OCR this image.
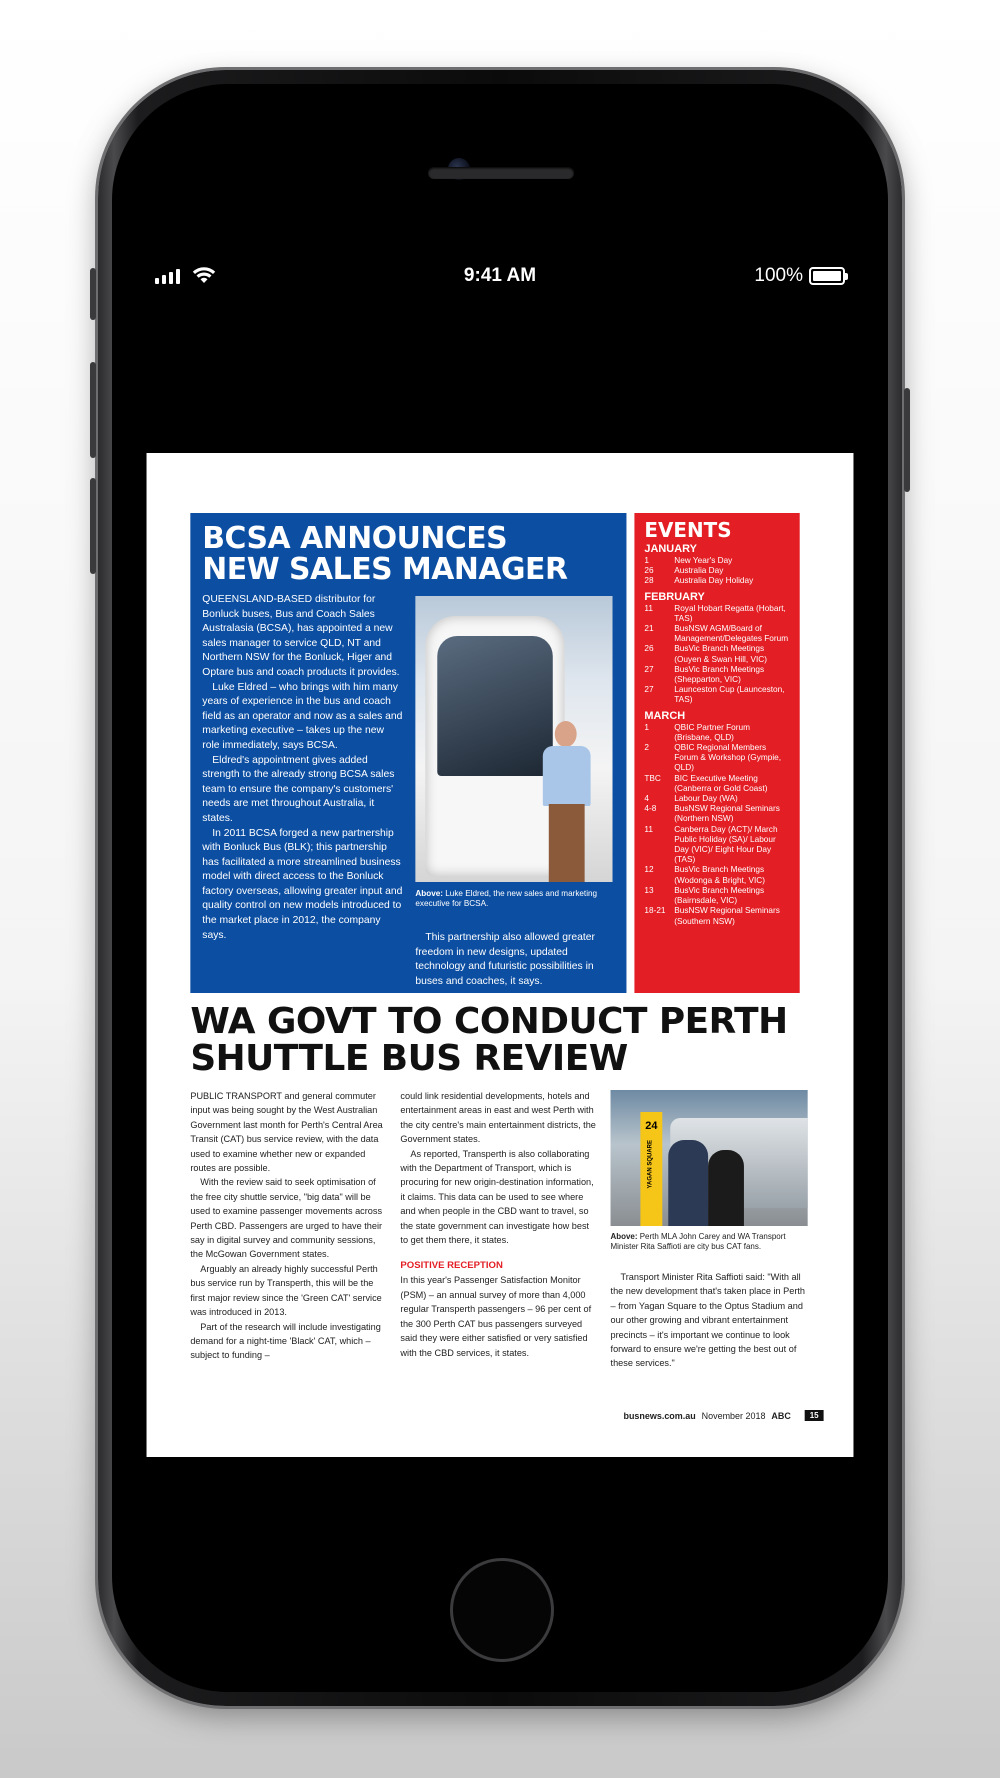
9:41 AM	100%
BCSA ANNOUNCES
NEW SALES MANAGER

QUEENSLAND-BASED distributor for Bonluck buses, Bus and Coach Sales Australasia (BCSA), has appointed a new sales manager to service QLD, NT and Northern NSW for the Bonluck, Higer and Optare bus and coach products it provides.

Luke Eldred – who brings with him many years of experience in the bus and coach field as an operator and now as a sales and marketing executive – takes up the new role immediately, says BCSA.

Eldred's appointment gives added strength to the already strong BCSA sales team to ensure the company's customers' needs are met throughout Australia, it states.

In 2011 BCSA forged a new partnership with Bonluck Bus (BLK); this partnership has facilitated a more streamlined business model with direct access to the Bonluck factory overseas, allowing greater input and quality control on new models introduced to the market place in 2012, the company says.

Above: Luke Eldred, the new sales and marketing executive for BCSA.
This partnership also allowed greater freedom in new designs, updated technology and futuristic possibilities in buses and coaches, it says.
EVENTS
JANUARY
1	New Year's Day
26	Australia Day
28	Australia Day Holiday
FEBRUARY
11	Royal Hobart Regatta (Hobart, TAS)
21	BusNSW AGM/Board of Management/Delegates Forum
26	BusVic Branch Meetings (Ouyen & Swan Hill, VIC)
27	BusVic Branch Meetings (Shepparton, VIC)
27	Launceston Cup (Launceston, TAS)
MARCH
1	QBIC Partner Forum (Brisbane, QLD)
2	QBIC Regional Members Forum & Workshop (Gympie, QLD)
TBC	BIC Executive Meeting (Canberra or Gold Coast)
4	Labour Day (WA)
4-8	BusNSW Regional Seminars (Northern NSW)
11	Canberra Day (ACT)/ March Public Holiday (SA)/ Labour Day (VIC)/ Eight Hour Day (TAS)
12	BusVic Branch Meetings (Wodonga & Bright, VIC)
13	BusVic Branch Meetings (Bairnsdale, VIC)
18-21	BusNSW Regional Seminars (Southern NSW)
WA GOVT TO CONDUCT PERTH
SHUTTLE BUS REVIEW

PUBLIC TRANSPORT and general commuter input was being sought by the West Australian Government last month for Perth's Central Area Transit (CAT) bus service review, with the data used to examine whether new or expanded routes are possible.

With the review said to seek optimisation of the free city shuttle service, "big data" will be used to examine passenger movements across Perth CBD. Passengers are urged to have their say in digital survey and community sessions, the McGowan Government states.

Arguably an already highly successful Perth bus service run by Transperth, this will be the first major review since the 'Green CAT' service was introduced in 2013.

Part of the research will include investigating demand for a night-time 'Black' CAT, which – subject to funding –

could link residential developments, hotels and entertainment areas in east and west Perth with the city centre's main entertainment districts, the Government states.

As reported, Transperth is also collaborating with the Department of Transport, which is procuring for new origin-destination information, it claims. This data can be used to see where and when people in the CBD want to travel, so the state government can investigate how best to get them there, it states.

POSITIVE RECEPTION

In this year's Passenger Satisfaction Monitor (PSM) – an annual survey of more than 4,000 regular Transperth passengers – 96 per cent of the 300 Perth CAT bus passengers surveyed said they were either satisfied or very satisfied with the CBD services, it states.

24
YAGAN SQUARE
Above: Perth MLA John Carey and WA Transport Minister Rita Saffioti are city bus CAT fans.

Transport Minister Rita Saffioti said: "With all the new development that's taken place in Perth – from Yagan Square to the Optus Stadium and our other growing and vibrant entertainment precincts – it's important we continue to look forward to ensure we're getting the best out of these services."

busnews.com.au November 2018 ABC	15
